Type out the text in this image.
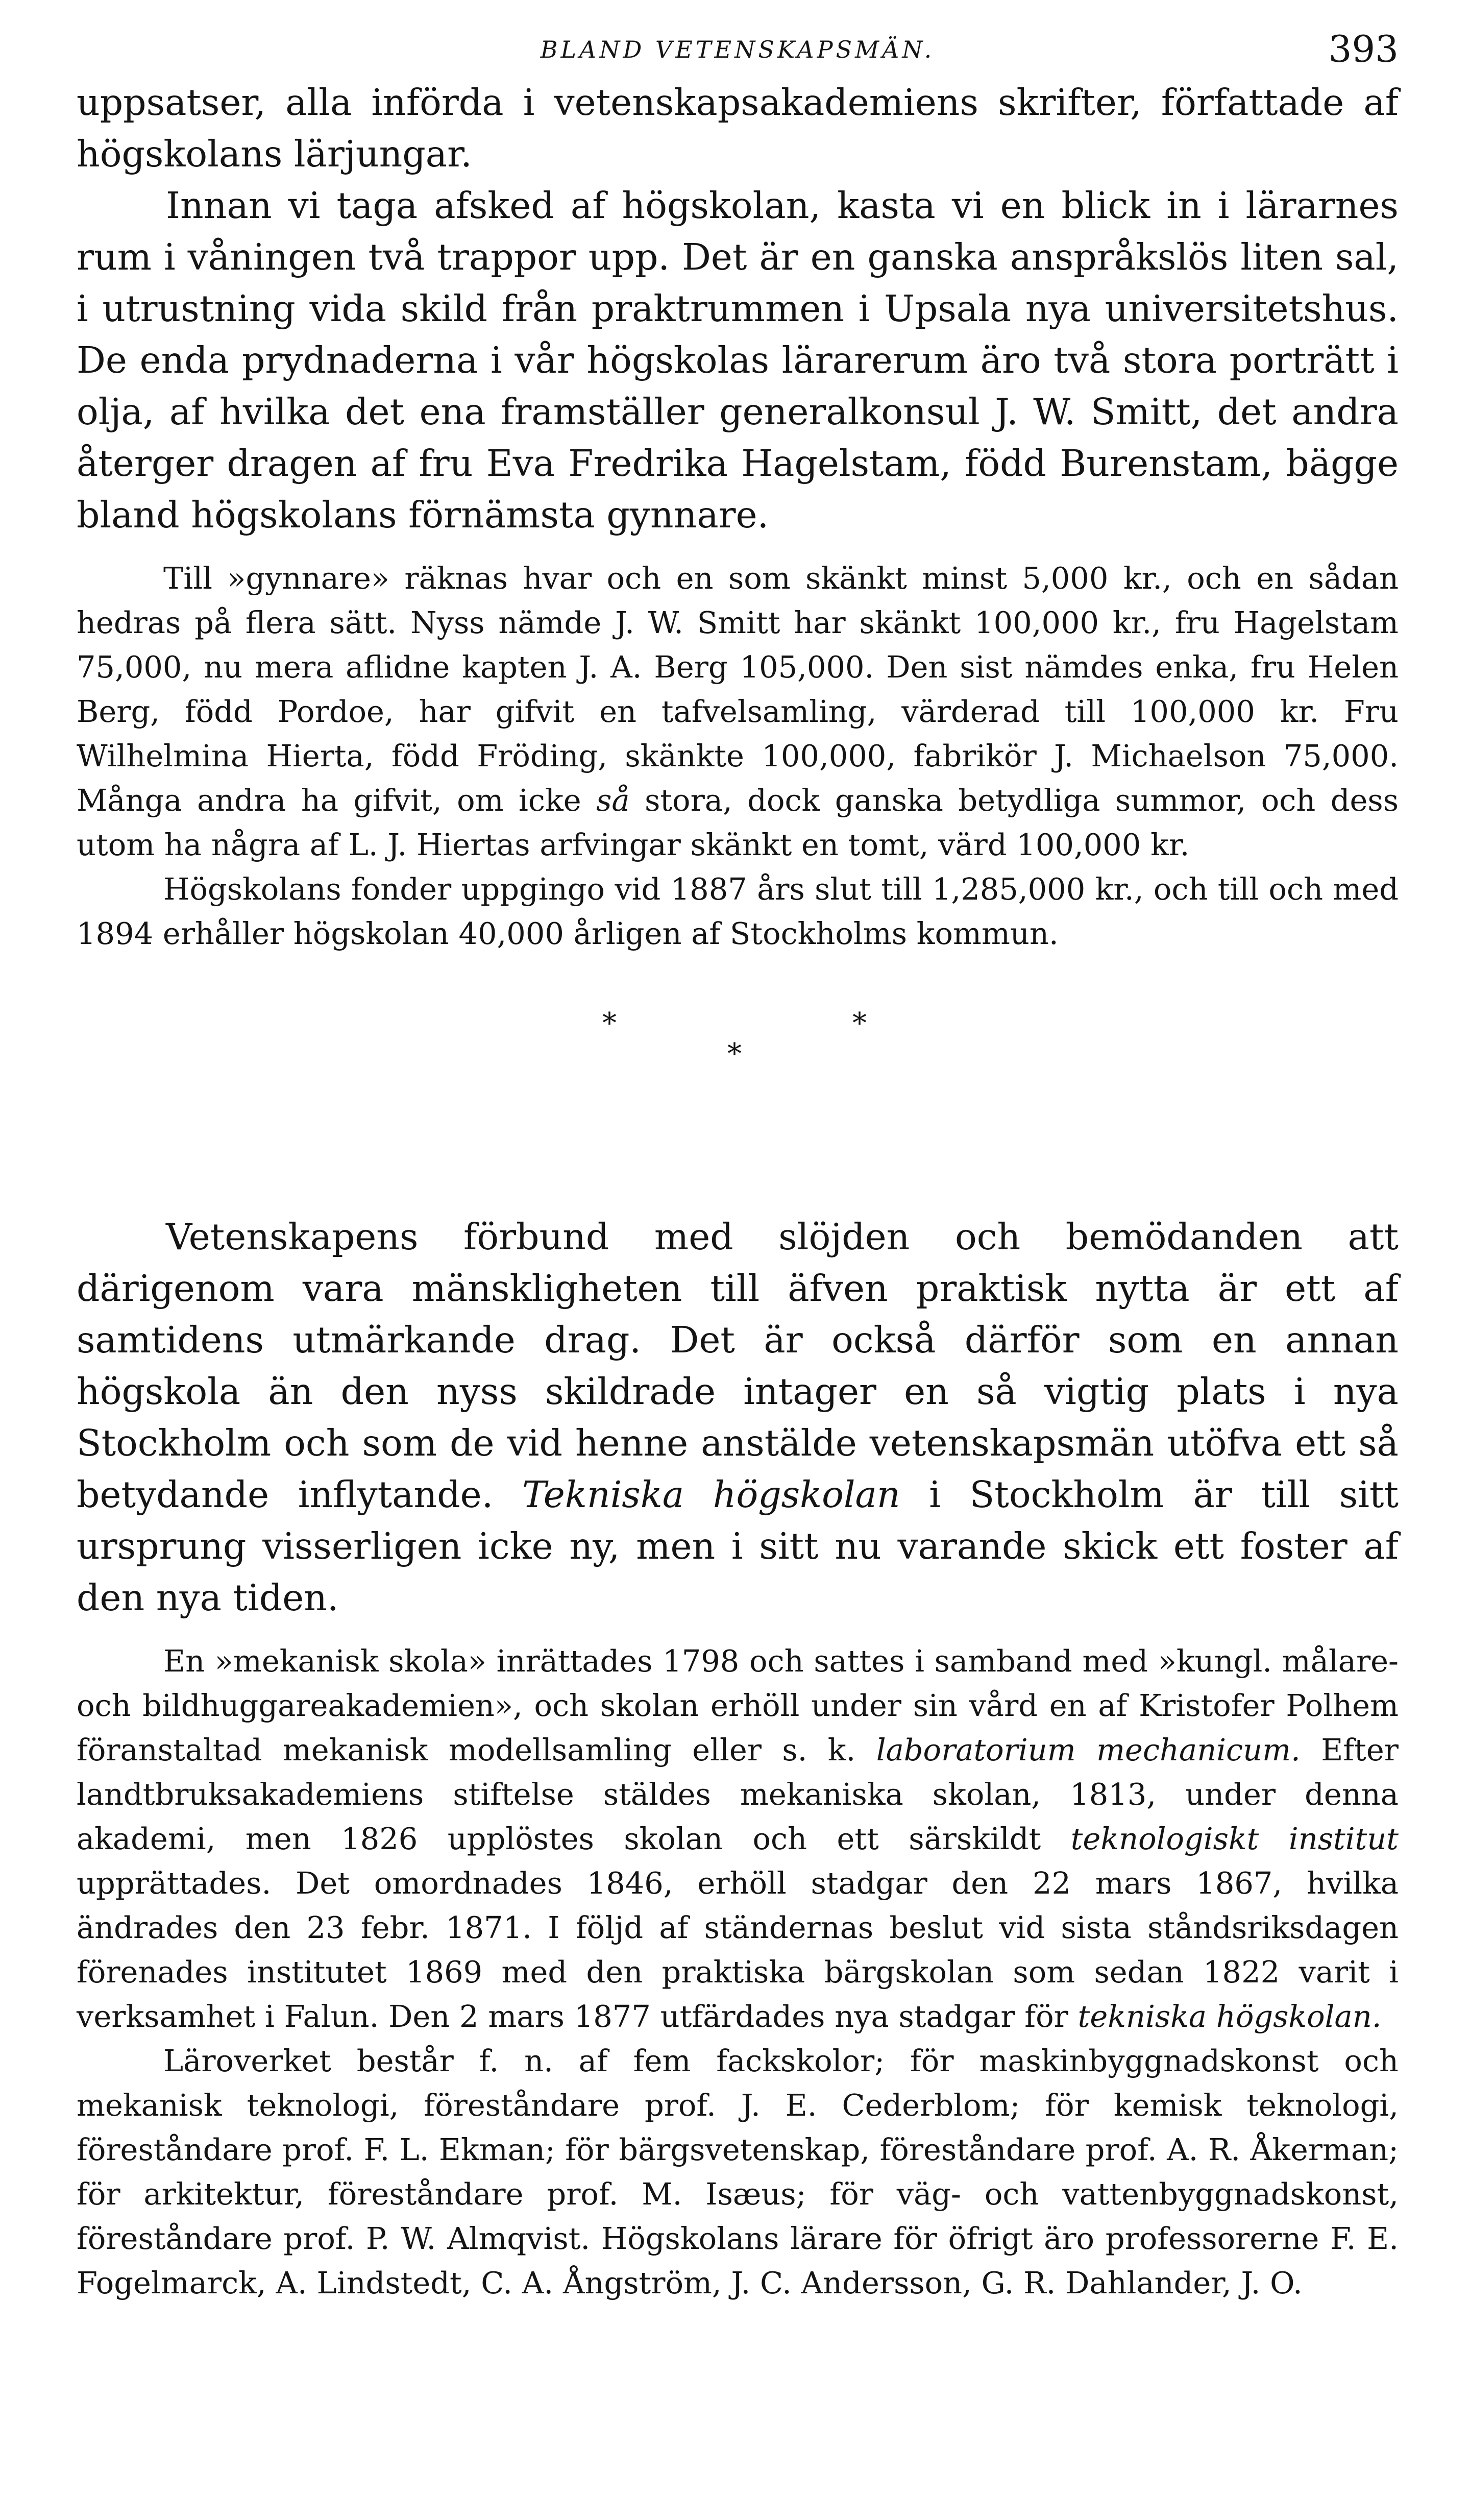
BLAND VETENSKAPSMÄN.	393

uppsatser, alla införda i vetenskapsakademiens skrifter, författade af högskolans lärjungar.

Innan vi taga afsked af högskolan, kasta vi en blick in i lärarnes rum i våningen två trappor upp. Det är en ganska anspråkslös liten sal, i utrustning vida skild från praktrummen i Upsala nya universitetshus. De enda prydnaderna i vår högskolas lärarerum äro två stora porträtt i olja, af hvilka det ena framställer generalkonsul J. W. Smitt, det andra återger dragen af fru Eva Fredrika Hagelstam, född Burenstam, bägge bland högskolans förnämsta gynnare.

Till »gynnare» räknas hvar och en som skänkt minst 5,000 kr., och en sådan hedras på flera sätt. Nyss nämde J. W. Smitt har skänkt 100,000 kr., fru Hagelstam 75,000, nu mera aflidne kapten J. A. Berg 105,000. Den sist nämdes enka, fru Helen Berg, född Pordoe, har gifvit en tafvelsamling, värderad till 100,000 kr. Fru Wilhelmina Hierta, född Fröding, skänkte 100,000, fabrikör J. Michaelson 75,000. Många andra ha gifvit, om icke så stora, dock ganska betydliga summor, och dess utom ha några af L. J. Hiertas arfvingar skänkt en tomt, värd 100,000 kr.

Högskolans fonder uppgingo vid 1887 års slut till 1,285,000 kr., och till och med 1894 erhåller högskolan 40,000 årligen af Stockholms kommun.

*
*
*

Vetenskapens förbund med slöjden och bemödanden att därigenom vara mänskligheten till äfven praktisk nytta är ett af samtidens utmärkande drag. Det är också därför som en annan högskola än den nyss skildrade intager en så vigtig plats i nya Stockholm och som de vid henne anstälde vetenskapsmän utöfva ett så betydande inflytande. Tekniska högskolan i Stockholm är till sitt ursprung visserligen icke ny, men i sitt nu varande skick ett foster af den nya tiden.

En »mekanisk skola» inrättades 1798 och sattes i samband med »kungl. målare- och bildhuggareakademien», och skolan erhöll under sin vård en af Kristofer Polhem föranstaltad mekanisk modellsamling eller s. k. laboratorium mechanicum. Efter landtbruksakademiens stiftelse stäldes mekaniska skolan, 1813, under denna akademi, men 1826 upplöstes skolan och ett särskildt teknologiskt institut upprättades. Det omordnades 1846, erhöll stadgar den 22 mars 1867, hvilka ändrades den 23 febr. 1871. I följd af ständernas beslut vid sista ståndsriksdagen förenades institutet 1869 med den praktiska bärgskolan som sedan 1822 varit i verksamhet i Falun. Den 2 mars 1877 utfärdades nya stadgar för tekniska högskolan.

Läroverket består f. n. af fem fackskolor; för maskinbyggnadskonst och mekanisk teknologi, föreståndare prof. J. E. Cederblom; för kemisk teknologi, föreståndare prof. F. L. Ekman; för bärgsvetenskap, föreståndare prof. A. R. Åkerman; för arkitektur, föreståndare prof. M. Isæus; för väg- och vattenbyggnadskonst, föreståndare prof. P. W. Almqvist. Högskolans lärare för öfrigt äro professorerne F. E. Fogelmarck, A. Lindstedt, C. A. Ångström, J. C. Andersson, G. R. Dahlander, J. O.
